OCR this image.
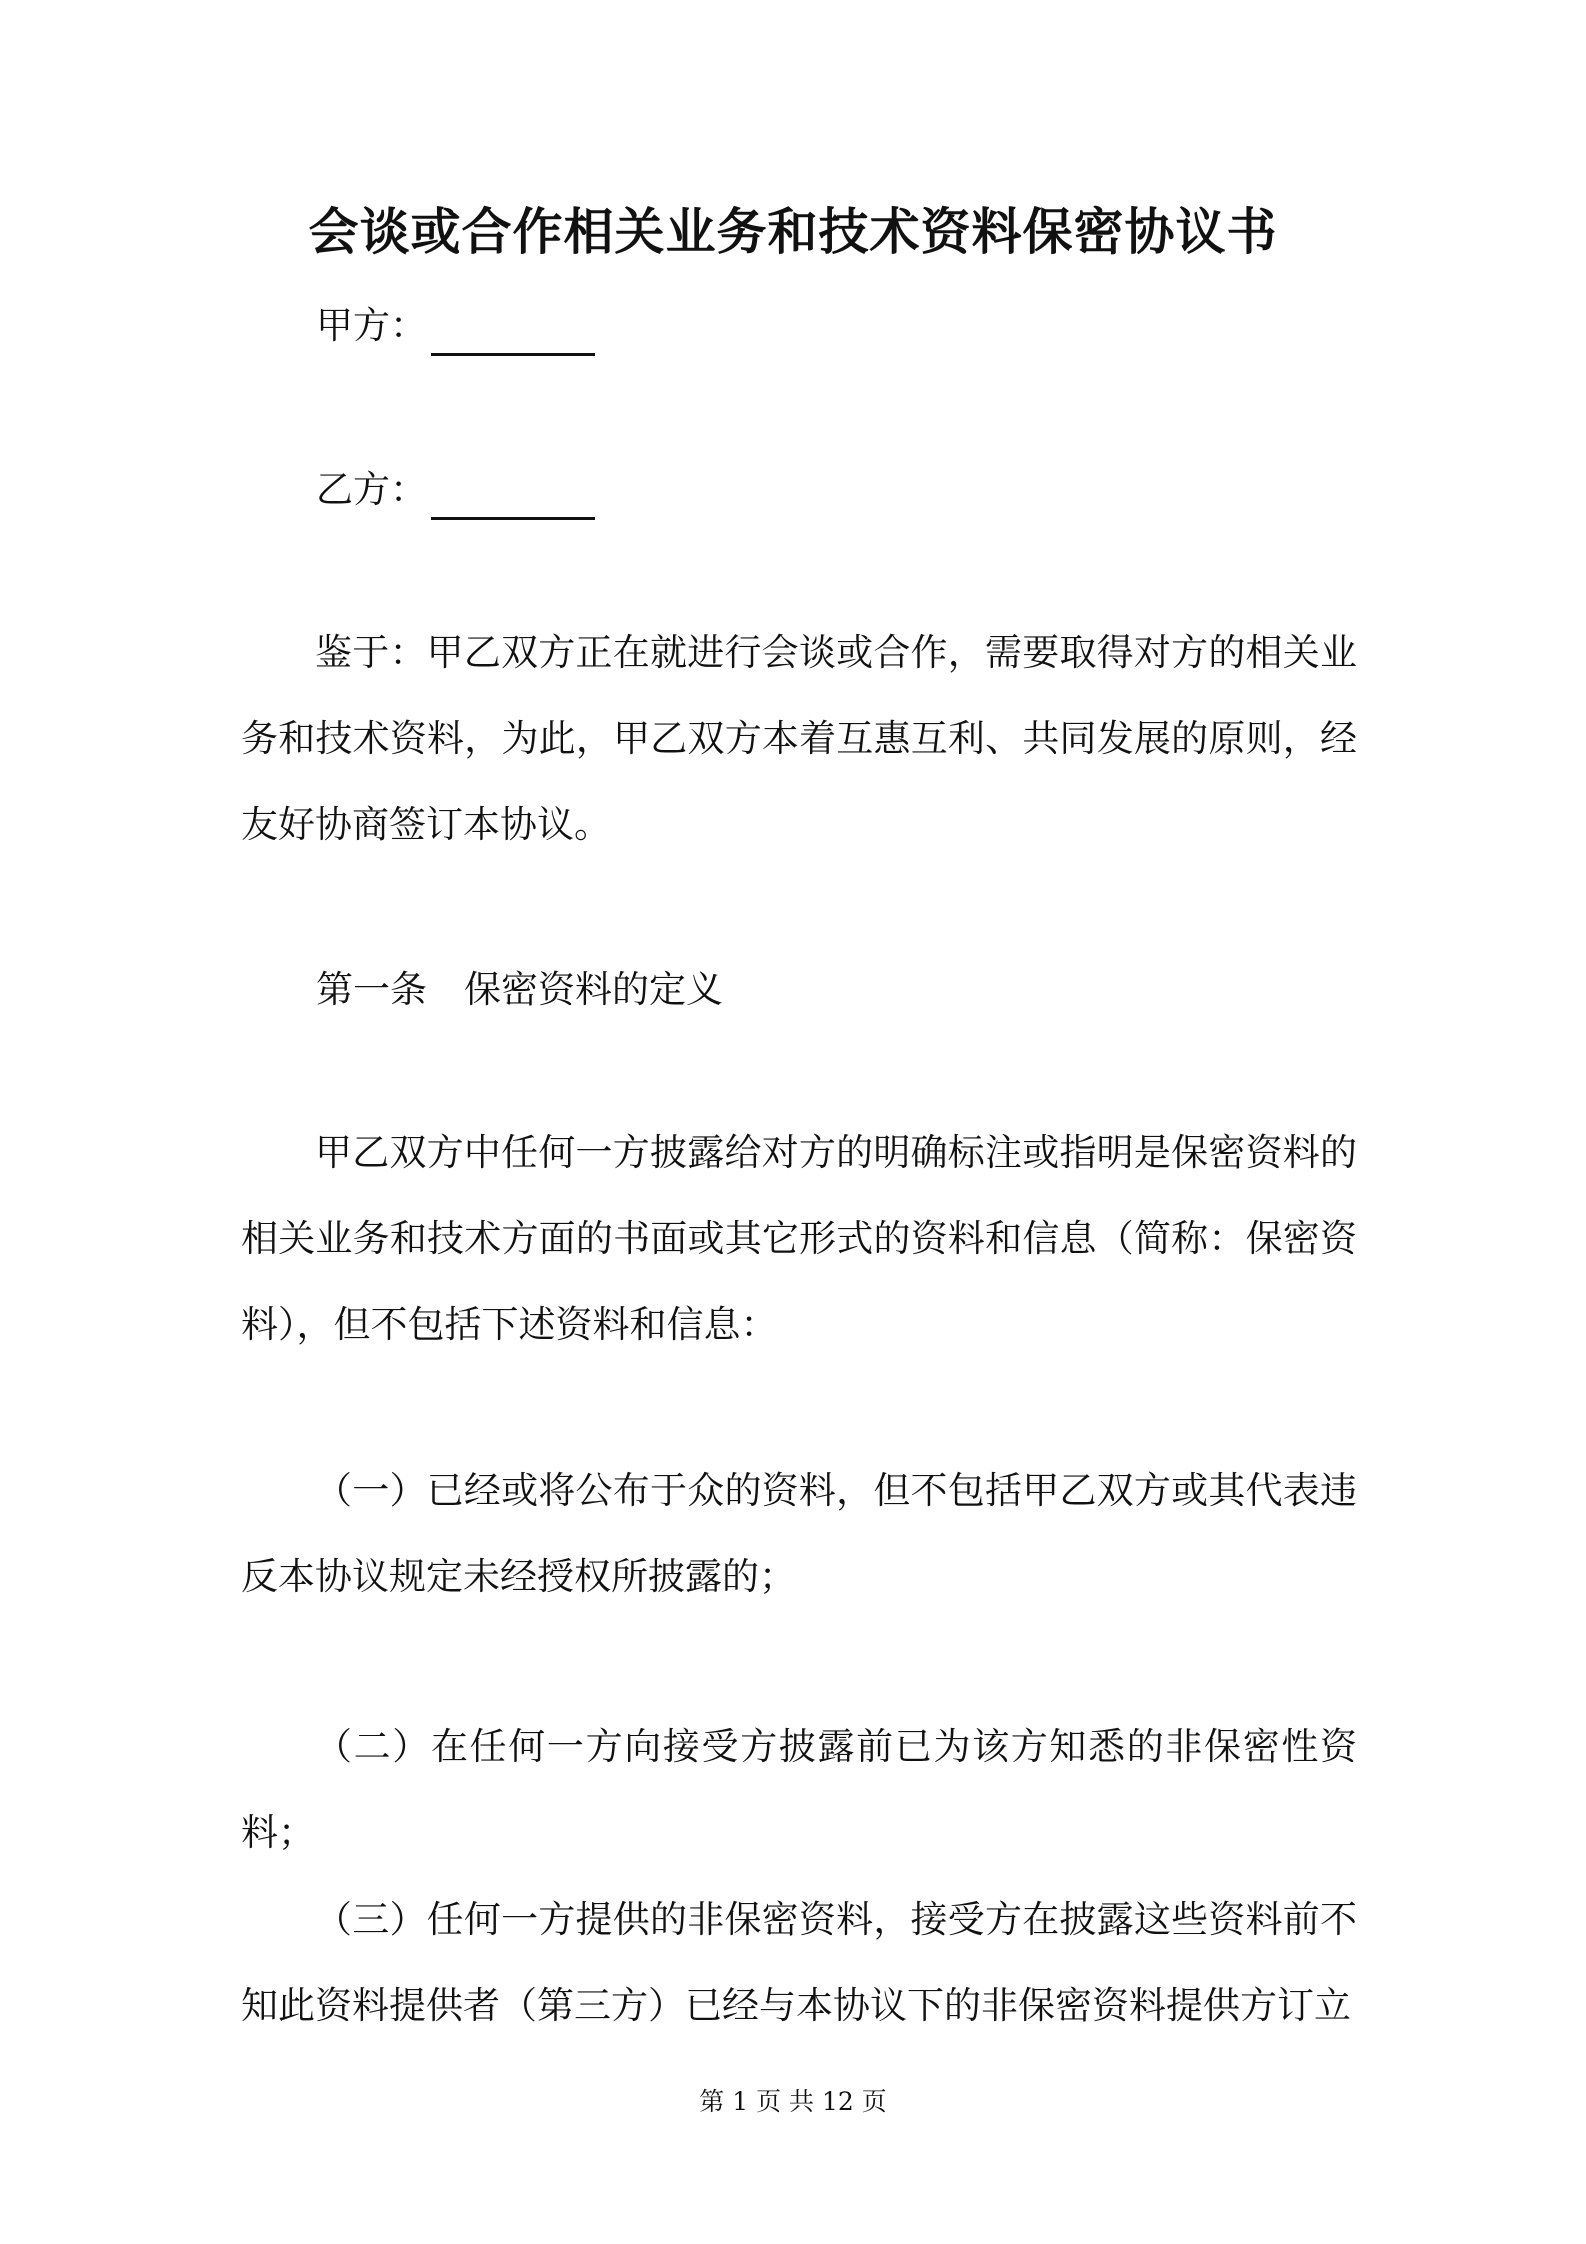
会谈或合作相关业务和技术资料保密协议书
甲方：
乙方：
鉴于：甲乙双方正在就进行会谈或合作，需要取得对方的相关业务和技术资料，为此，甲乙双方本着互惠互利、共同发展的原则，经友好协商签订本协议。
第一条　保密资料的定义
甲乙双方中任何一方披露给对方的明确标注或指明是保密资料的相关业务和技术方面的书面或其它形式的资料和信息（简称：保密资料），但不包括下述资料和信息：
（一）已经或将公布于众的资料，但不包括甲乙双方或其代表违反本协议规定未经授权所披露的；
（二）在任何一方向接受方披露前已为该方知悉的非保密性资料；
（三）任何一方提供的非保密资料，接受方在披露这些资料前不知此资料提供者（第三方）已经与本协议下的非保密资料提供方订立
第 1 页 共 12 页
